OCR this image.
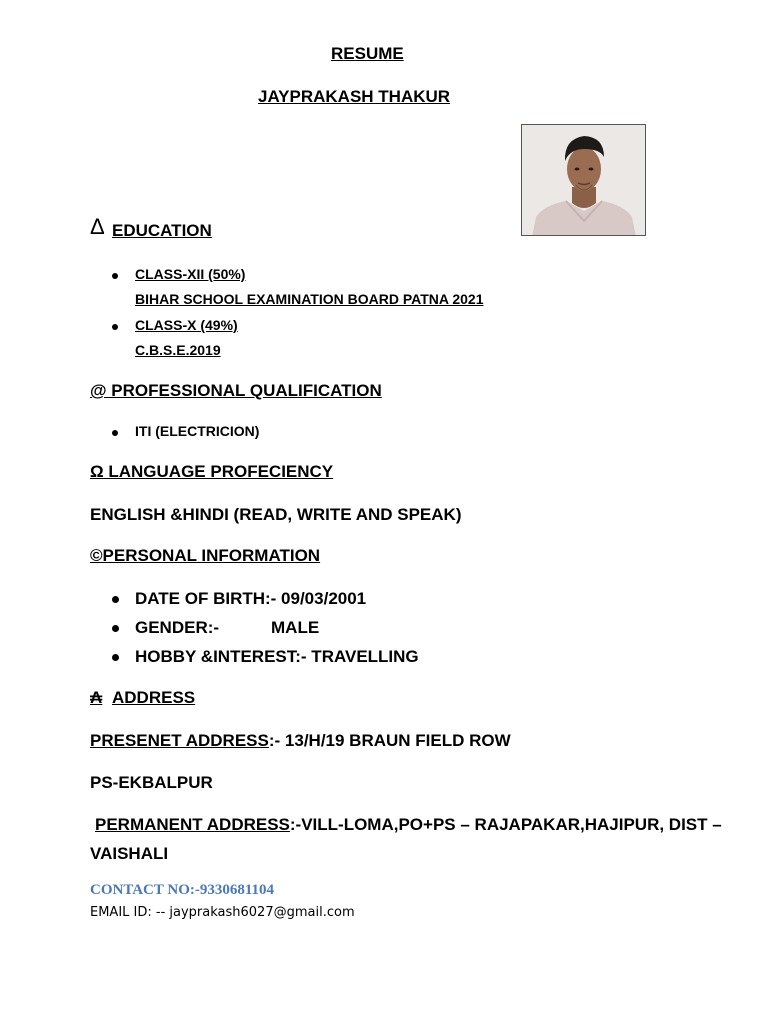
RESUME
JAYPRAKASH THAKUR
Δ EDUCATION
CLASS-XII (50%)
BIHAR SCHOOL EXAMINATION BOARD PATNA 2021
CLASS-X (49%)
C.B.S.E.2019
@ PROFESSIONAL QUALIFICATION
ITI (ELECTRICION)
Ω LANGUAGE PROFECIENCY
ENGLISH &HINDI (READ, WRITE AND SPEAK)
©PERSONAL INFORMATION
DATE OF BIRTH:- 09/03/2001
GENDER:-	MALE
HOBBY &INTEREST:- TRAVELLING
₳ ADDRESS
PRESENET ADDRESS:- 13/H/19 BRAUN FIELD ROW
PS-EKBALPUR
PERMANENT ADDRESS:-VILL-LOMA,PO+PS – RAJAPAKAR,HAJIPUR, DIST –
VAISHALI
CONTACT NO:-9330681104
EMAIL ID: -- jayprakash6027@gmail.com
